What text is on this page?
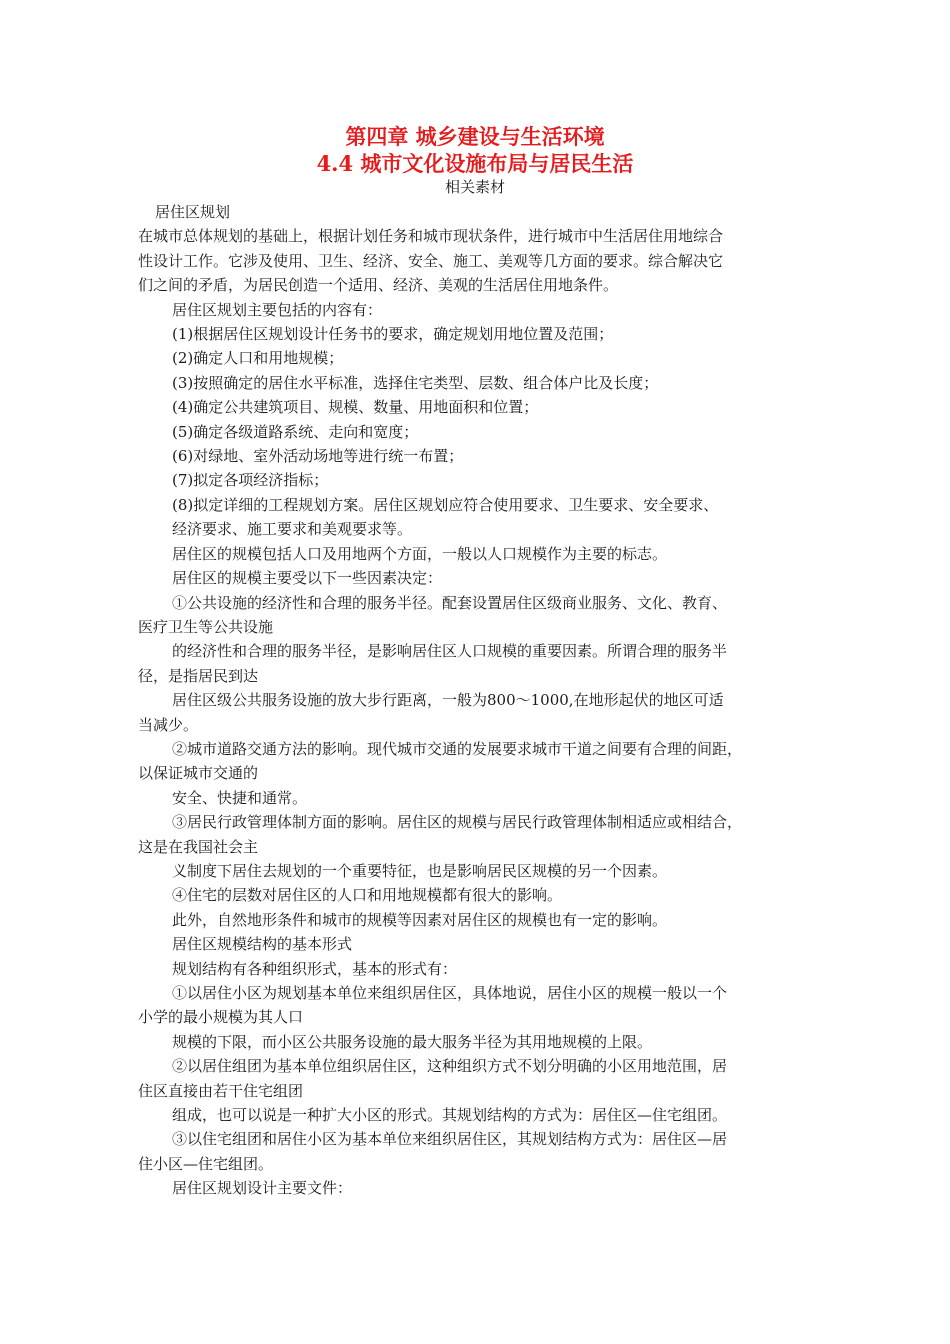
第四章 城乡建设与生活环境
4.4 城市文化设施布局与居民生活
相关素材

居住区规划

在城市总体规划的基础上，根据计划任务和城市现状条件，进行城市中生活居住用地综合

性设计工作。它涉及使用、卫生、经济、安全、施工、美观等几方面的要求。综合解决它

们之间的矛盾，为居民创造一个适用、经济、美观的生活居住用地条件。

居住区规划主要包括的内容有：

(1)根据居住区规划设计任务书的要求，确定规划用地位置及范围；

(2)确定人口和用地规模；

(3)按照确定的居住水平标准，选择住宅类型、层数、组合体户比及长度；

(4)确定公共建筑项目、规模、数量、用地面积和位置；

(5)确定各级道路系统、走向和宽度；

(6)对绿地、室外活动场地等进行统一布置；

(7)拟定各项经济指标；

(8)拟定详细的工程规划方案。居住区规划应符合使用要求、卫生要求、安全要求、

经济要求、施工要求和美观要求等。

居住区的规模包括人口及用地两个方面，一般以人口规模作为主要的标志。

居住区的规模主要受以下一些因素决定：

①公共设施的经济性和合理的服务半径。配套设置居住区级商业服务、文化、教育、

医疗卫生等公共设施

的经济性和合理的服务半径，是影响居住区人口规模的重要因素。所谓合理的服务半

径，是指居民到达

居住区级公共服务设施的放大步行距离，一般为800～1000,在地形起伏的地区可适

当减少。

②城市道路交通方法的影响。现代城市交通的发展要求城市干道之间要有合理的间距，

以保证城市交通的

安全、快捷和通常。

③居民行政管理体制方面的影响。居住区的规模与居民行政管理体制相适应或相结合，

这是在我国社会主

义制度下居住去规划的一个重要特征，也是影响居民区规模的另一个因素。

④住宅的层数对居住区的人口和用地规模都有很大的影响。

此外，自然地形条件和城市的规模等因素对居住区的规模也有一定的影响。

居住区规模结构的基本形式

规划结构有各种组织形式，基本的形式有：

①以居住小区为规划基本单位来组织居住区，具体地说，居住小区的规模一般以一个

小学的最小规模为其人口

规模的下限，而小区公共服务设施的最大服务半径为其用地规模的上限。

②以居住组团为基本单位组织居住区，这种组织方式不划分明确的小区用地范围，居

住区直接由若干住宅组团

组成，也可以说是一种扩大小区的形式。其规划结构的方式为：居住区—住宅组团。

③以住宅组团和居住小区为基本单位来组织居住区，其规划结构方式为：居住区—居

住小区—住宅组团。

居住区规划设计主要文件：
